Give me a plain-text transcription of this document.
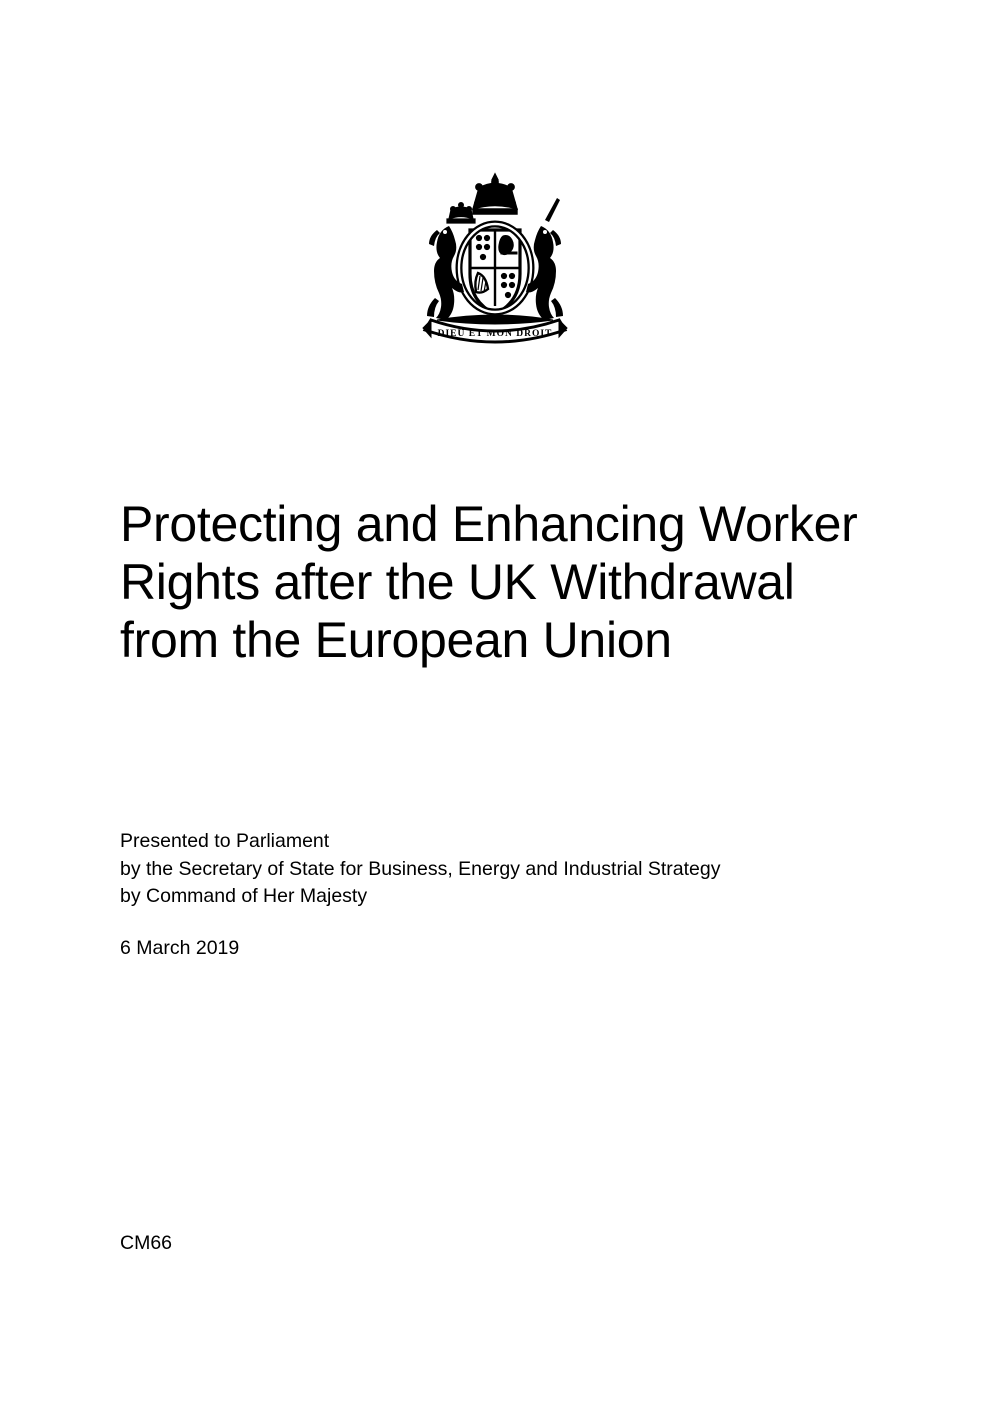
DIEU ET MON DROIT
Protecting and Enhancing Worker Rights after the UK Withdrawal from the European Union
Presented to Parliament
by the Secretary of State for Business, Energy and Industrial Strategy
by Command of Her Majesty
6 March 2019
CM66
